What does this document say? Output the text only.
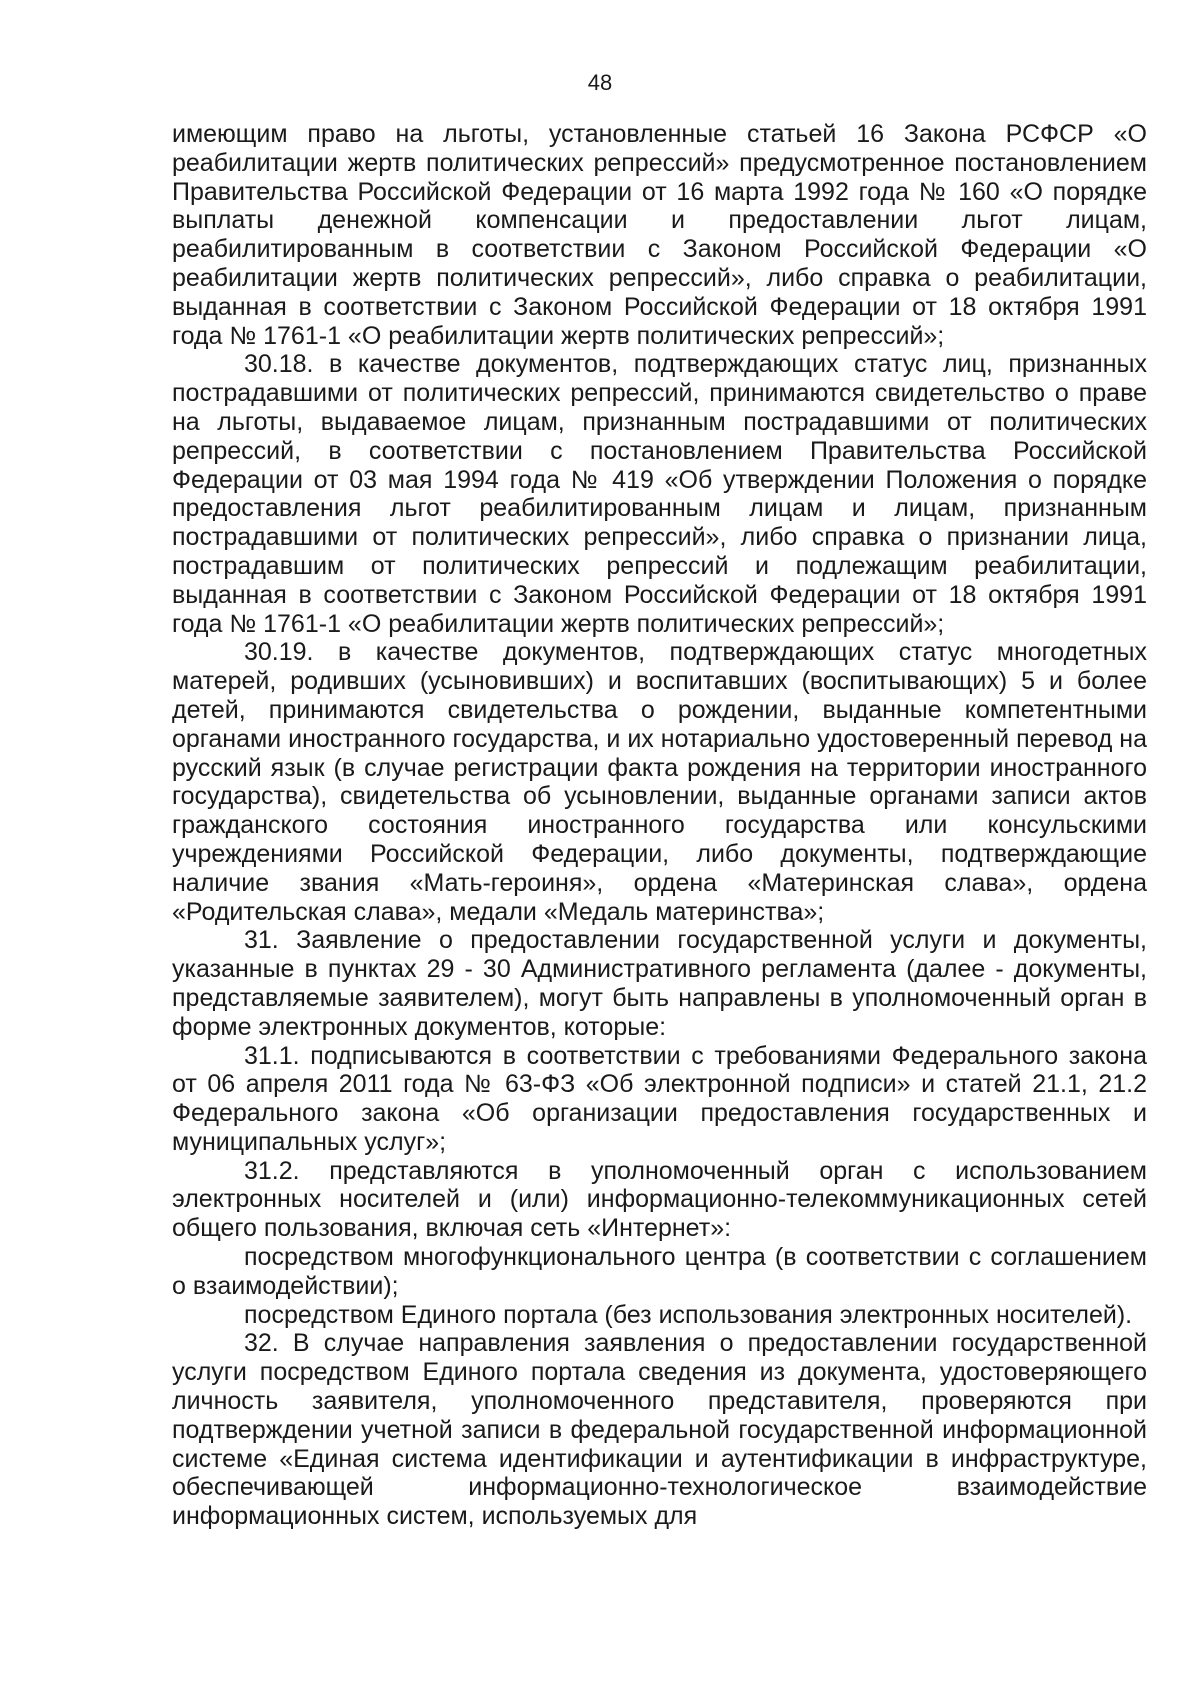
48

имеющим право на льготы, установленные статьей 16 Закона РСФСР «О реабилитации жертв политических репрессий» предусмотренное постановлением Правительства Российской Федерации от 16 марта 1992 года № 160 «О порядке выплаты денежной компенсации и предоставлении льгот лицам, реабилитированным в соответствии с Законом Российской Федерации «О реабилитации жертв политических репрессий», либо справка о реабилитации, выданная в соответствии с Законом Российской Федерации от 18 октября 1991 года № 1761-1 «О реабилитации жертв политических репрессий»;

30.18. в качестве документов, подтверждающих статус лиц, признанных пострадавшими от политических репрессий, принимаются свидетельство о праве на льготы, выдаваемое лицам, признанным пострадавшими от политических репрессий, в соответствии с постановлением Правительства Российской Федерации от 03 мая 1994 года № 419 «Об утверждении Положения о порядке предоставления льгот реабилитированным лицам и лицам, признанным пострадавшими от политических репрессий», либо справка о признании лица, пострадавшим от политических репрессий и подлежащим реабилитации, выданная в соответствии с Законом Российской Федерации от 18 октября 1991 года № 1761-1 «О реабилитации жертв политических репрессий»;

30.19. в качестве документов, подтверждающих статус многодетных матерей, родивших (усыновивших) и воспитавших (воспитывающих) 5 и более детей, принимаются свидетельства о рождении, выданные компетентными органами иностранного государства, и их нотариально удостоверенный перевод на русский язык (в случае регистрации факта рождения на территории иностранного государства), свидетельства об усыновлении, выданные органами записи актов гражданского состояния иностранного государства или консульскими учреждениями Российской Федерации, либо документы, подтверждающие наличие звания «Мать-героиня», ордена «Материнская слава», ордена «Родительская слава», медали «Медаль материнства»;

31. Заявление о предоставлении государственной услуги и документы, указанные в пунктах 29 - 30 Административного регламента (далее - документы, представляемые заявителем), могут быть направлены в уполномоченный орган в форме электронных документов, которые:

31.1. подписываются в соответствии с требованиями Федерального закона от 06 апреля 2011 года № 63-ФЗ «Об электронной подписи» и статей 21.1, 21.2 Федерального закона «Об организации предоставления государственных и муниципальных услуг»;

31.2. представляются в уполномоченный орган с использованием электронных носителей и (или) информационно-телекоммуникационных сетей общего пользования, включая сеть «Интернет»:

посредством многофункционального центра (в соответствии с соглашением о взаимодействии);

посредством Единого портала (без использования электронных носителей).

32. В случае направления заявления о предоставлении государственной услуги посредством Единого портала сведения из документа, удостоверяющего личность заявителя, уполномоченного представителя, проверяются при подтверждении учетной записи в федеральной государственной информационной системе «Единая система идентификации и аутентификации в инфраструктуре, обеспечивающей информационно-технологическое взаимодействие информационных систем, используемых для
